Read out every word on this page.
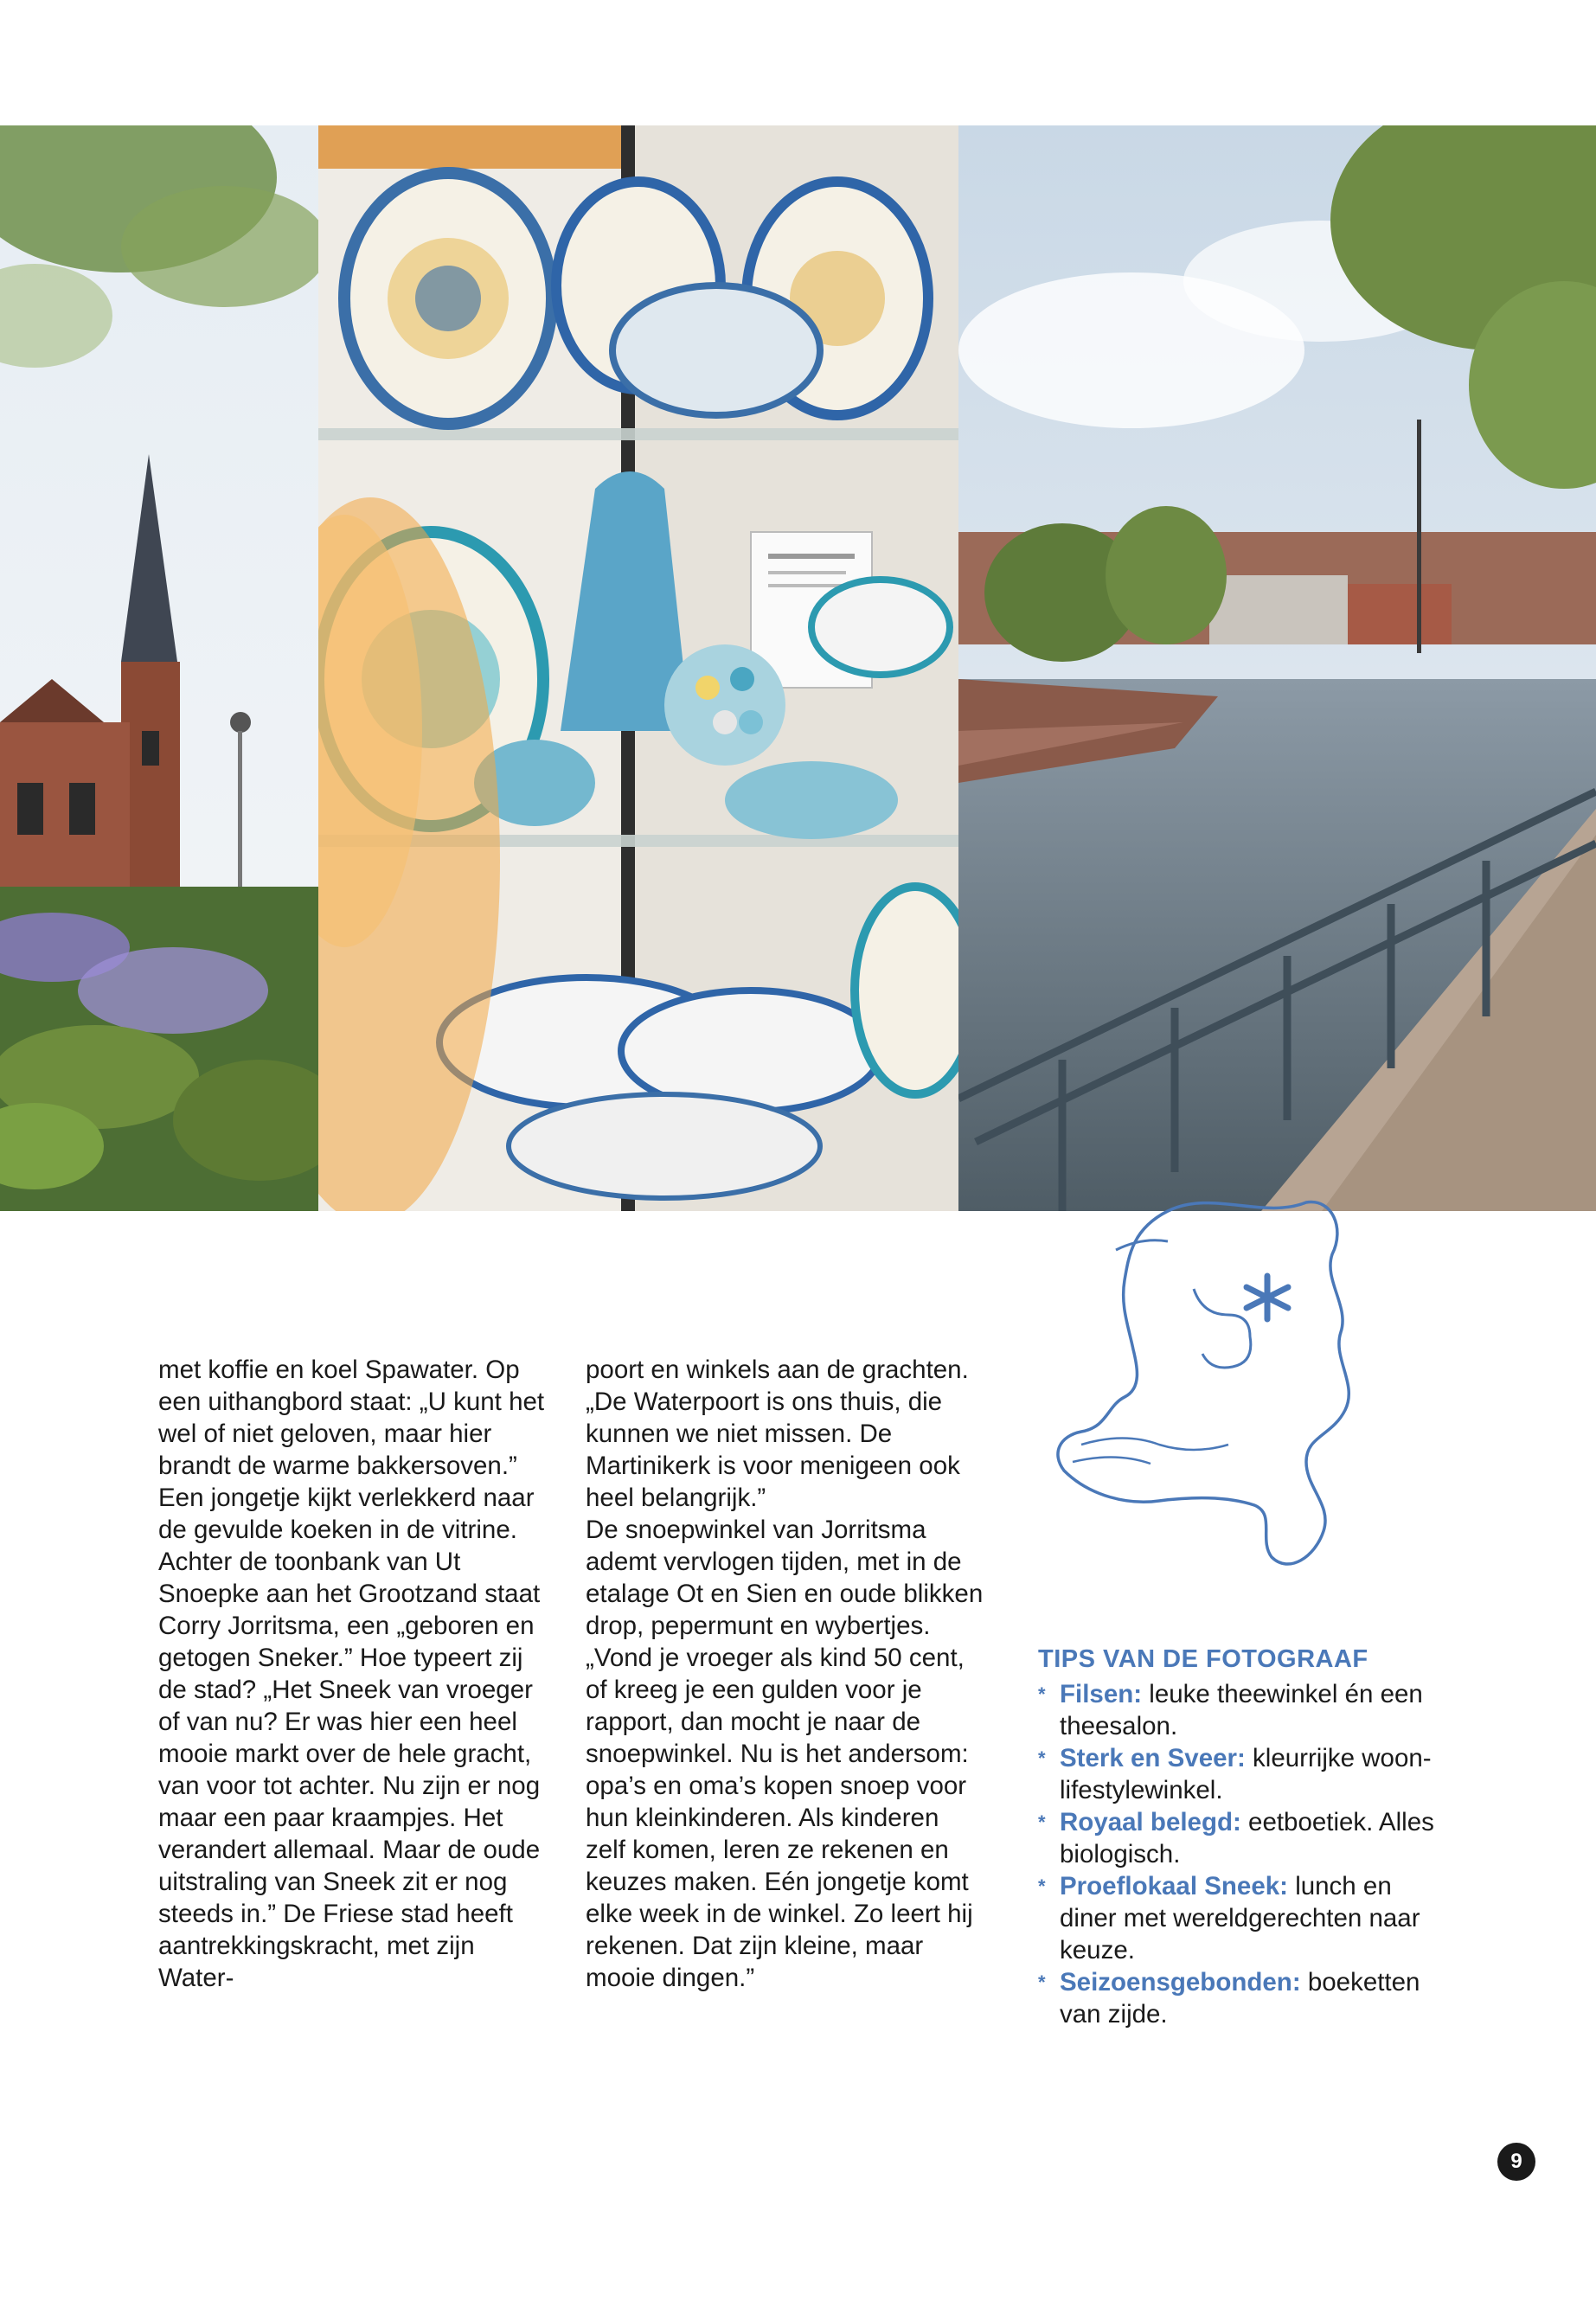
met koffie en koel Spawater. Op een uithangbord staat: „U kunt het wel of niet geloven, maar hier brandt de warme bakkersoven.” Een jongetje kijkt verlekkerd naar de gevulde koeken in de vitrine.

Achter de toonbank van Ut Snoepke aan het Grootzand staat Corry Jorritsma, een „geboren en getogen Sneker.” Hoe typeert zij de stad? „Het Sneek van vroeger of van nu? Er was hier een heel mooie markt over de hele gracht, van voor tot achter. Nu zijn er nog maar een paar kraampjes. Het verandert allemaal. Maar de oude uitstraling van Sneek zit er nog steeds in.” De Friese stad heeft aantrekkingskracht, met zijn Water-

poort en winkels aan de grachten. „De Waterpoort is ons thuis, die kunnen we niet missen. De Martinikerk is voor menigeen ook heel belangrijk.”

De snoepwinkel van Jorritsma ademt vervlogen tijden, met in de etalage Ot en Sien en oude blikken drop, pepermunt en wybertjes. „Vond je vroeger als kind 50 cent, of kreeg je een gulden voor je rapport, dan mocht je naar de snoepwinkel. Nu is het andersom: opa’s en oma’s kopen snoep voor hun kleinkinderen. Als kinderen zelf komen, leren ze rekenen en keuzes maken. Eén jongetje komt elke week in de winkel. Zo leert hij rekenen. Dat zijn kleine, maar mooie dingen.”

TIPS VAN DE FOTOGRAAF
* Filsen: leuke theewinkel én een theesalon.
* Sterk en Sveer: kleurrijke woon- lifestylewinkel.
* Royaal belegd: eetboetiek. Alles biologisch.
* Proeflokaal Sneek: lunch en diner met wereldgerechten naar keuze.
* Seizoensgebonden: boeketten van zijde.
9
